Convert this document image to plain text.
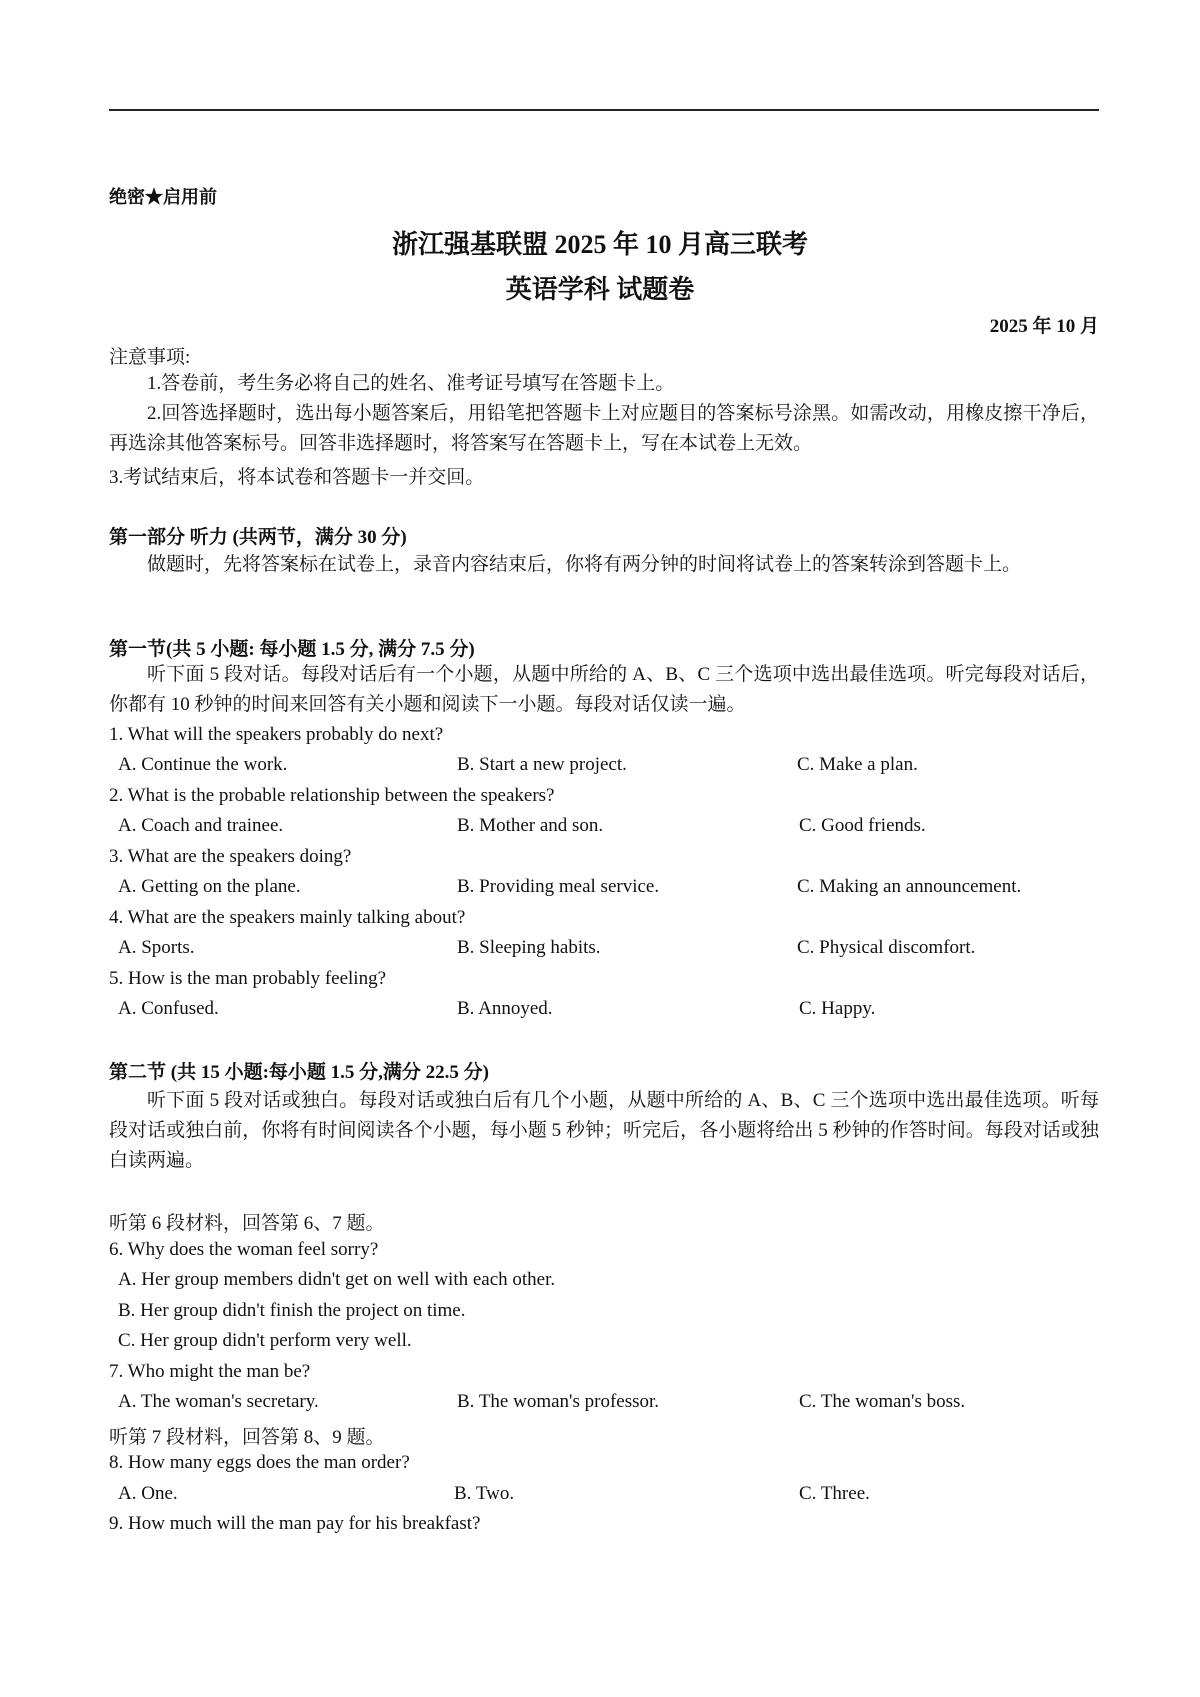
绝密★启用前
浙江强基联盟 2025 年 10 月高三联考
英语学科 试题卷
2025 年 10 月
注意事项:
1.答卷前，考生务必将自己的姓名、准考证号填写在答题卡上。
2.回答选择题时，选出每小题答案后，用铅笔把答题卡上对应题目的答案标号涂黑。如需改动，用橡皮擦干净后，再选涂其他答案标号。回答非选择题时，将答案写在答题卡上，写在本试卷上无效。
3.考试结束后，将本试卷和答题卡一并交回。
第一部分 听力 (共两节，满分 30 分)
做题时，先将答案标在试卷上，录音内容结束后，你将有两分钟的时间将试卷上的答案转涂到答题卡上。
第一节(共 5 小题: 每小题 1.5 分, 满分 7.5 分)
听下面 5 段对话。每段对话后有一个小题，从题中所给的 A、B、C 三个选项中选出最佳选项。听完每段对话后，你都有 10 秒钟的时间来回答有关小题和阅读下一小题。每段对话仅读一遍。
1. What will the speakers probably do next?
A. Continue the work.	B. Start a new project.	C. Make a plan.
2. What is the probable relationship between the speakers?
A. Coach and trainee.	B. Mother and son.	C. Good friends.
3. What are the speakers doing?
A. Getting on the plane.	B. Providing meal service.	C. Making an announcement.
4. What are the speakers mainly talking about?
A. Sports.	B. Sleeping habits.	C. Physical discomfort.
5. How is the man probably feeling?
A. Confused.	B. Annoyed.	C. Happy.
第二节 (共 15 小题:每小题 1.5 分,满分 22.5 分)
听下面 5 段对话或独白。每段对话或独白后有几个小题，从题中所给的 A、B、C 三个选项中选出最佳选项。听每段对话或独白前，你将有时间阅读各个小题，每小题 5 秒钟；听完后，各小题将给出 5 秒钟的作答时间。每段对话或独白读两遍。
听第 6 段材料，回答第 6、7 题。
6. Why does the woman feel sorry?
A. Her group members didn't get on well with each other.
B. Her group didn't finish the project on time.
C. Her group didn't perform very well.
7. Who might the man be?
A. The woman's secretary.	B. The woman's professor.	C. The woman's boss.
听第 7 段材料，回答第 8、9 题。
8. How many eggs does the man order?
A. One.	B. Two.	C. Three.
9. How much will the man pay for his breakfast?
